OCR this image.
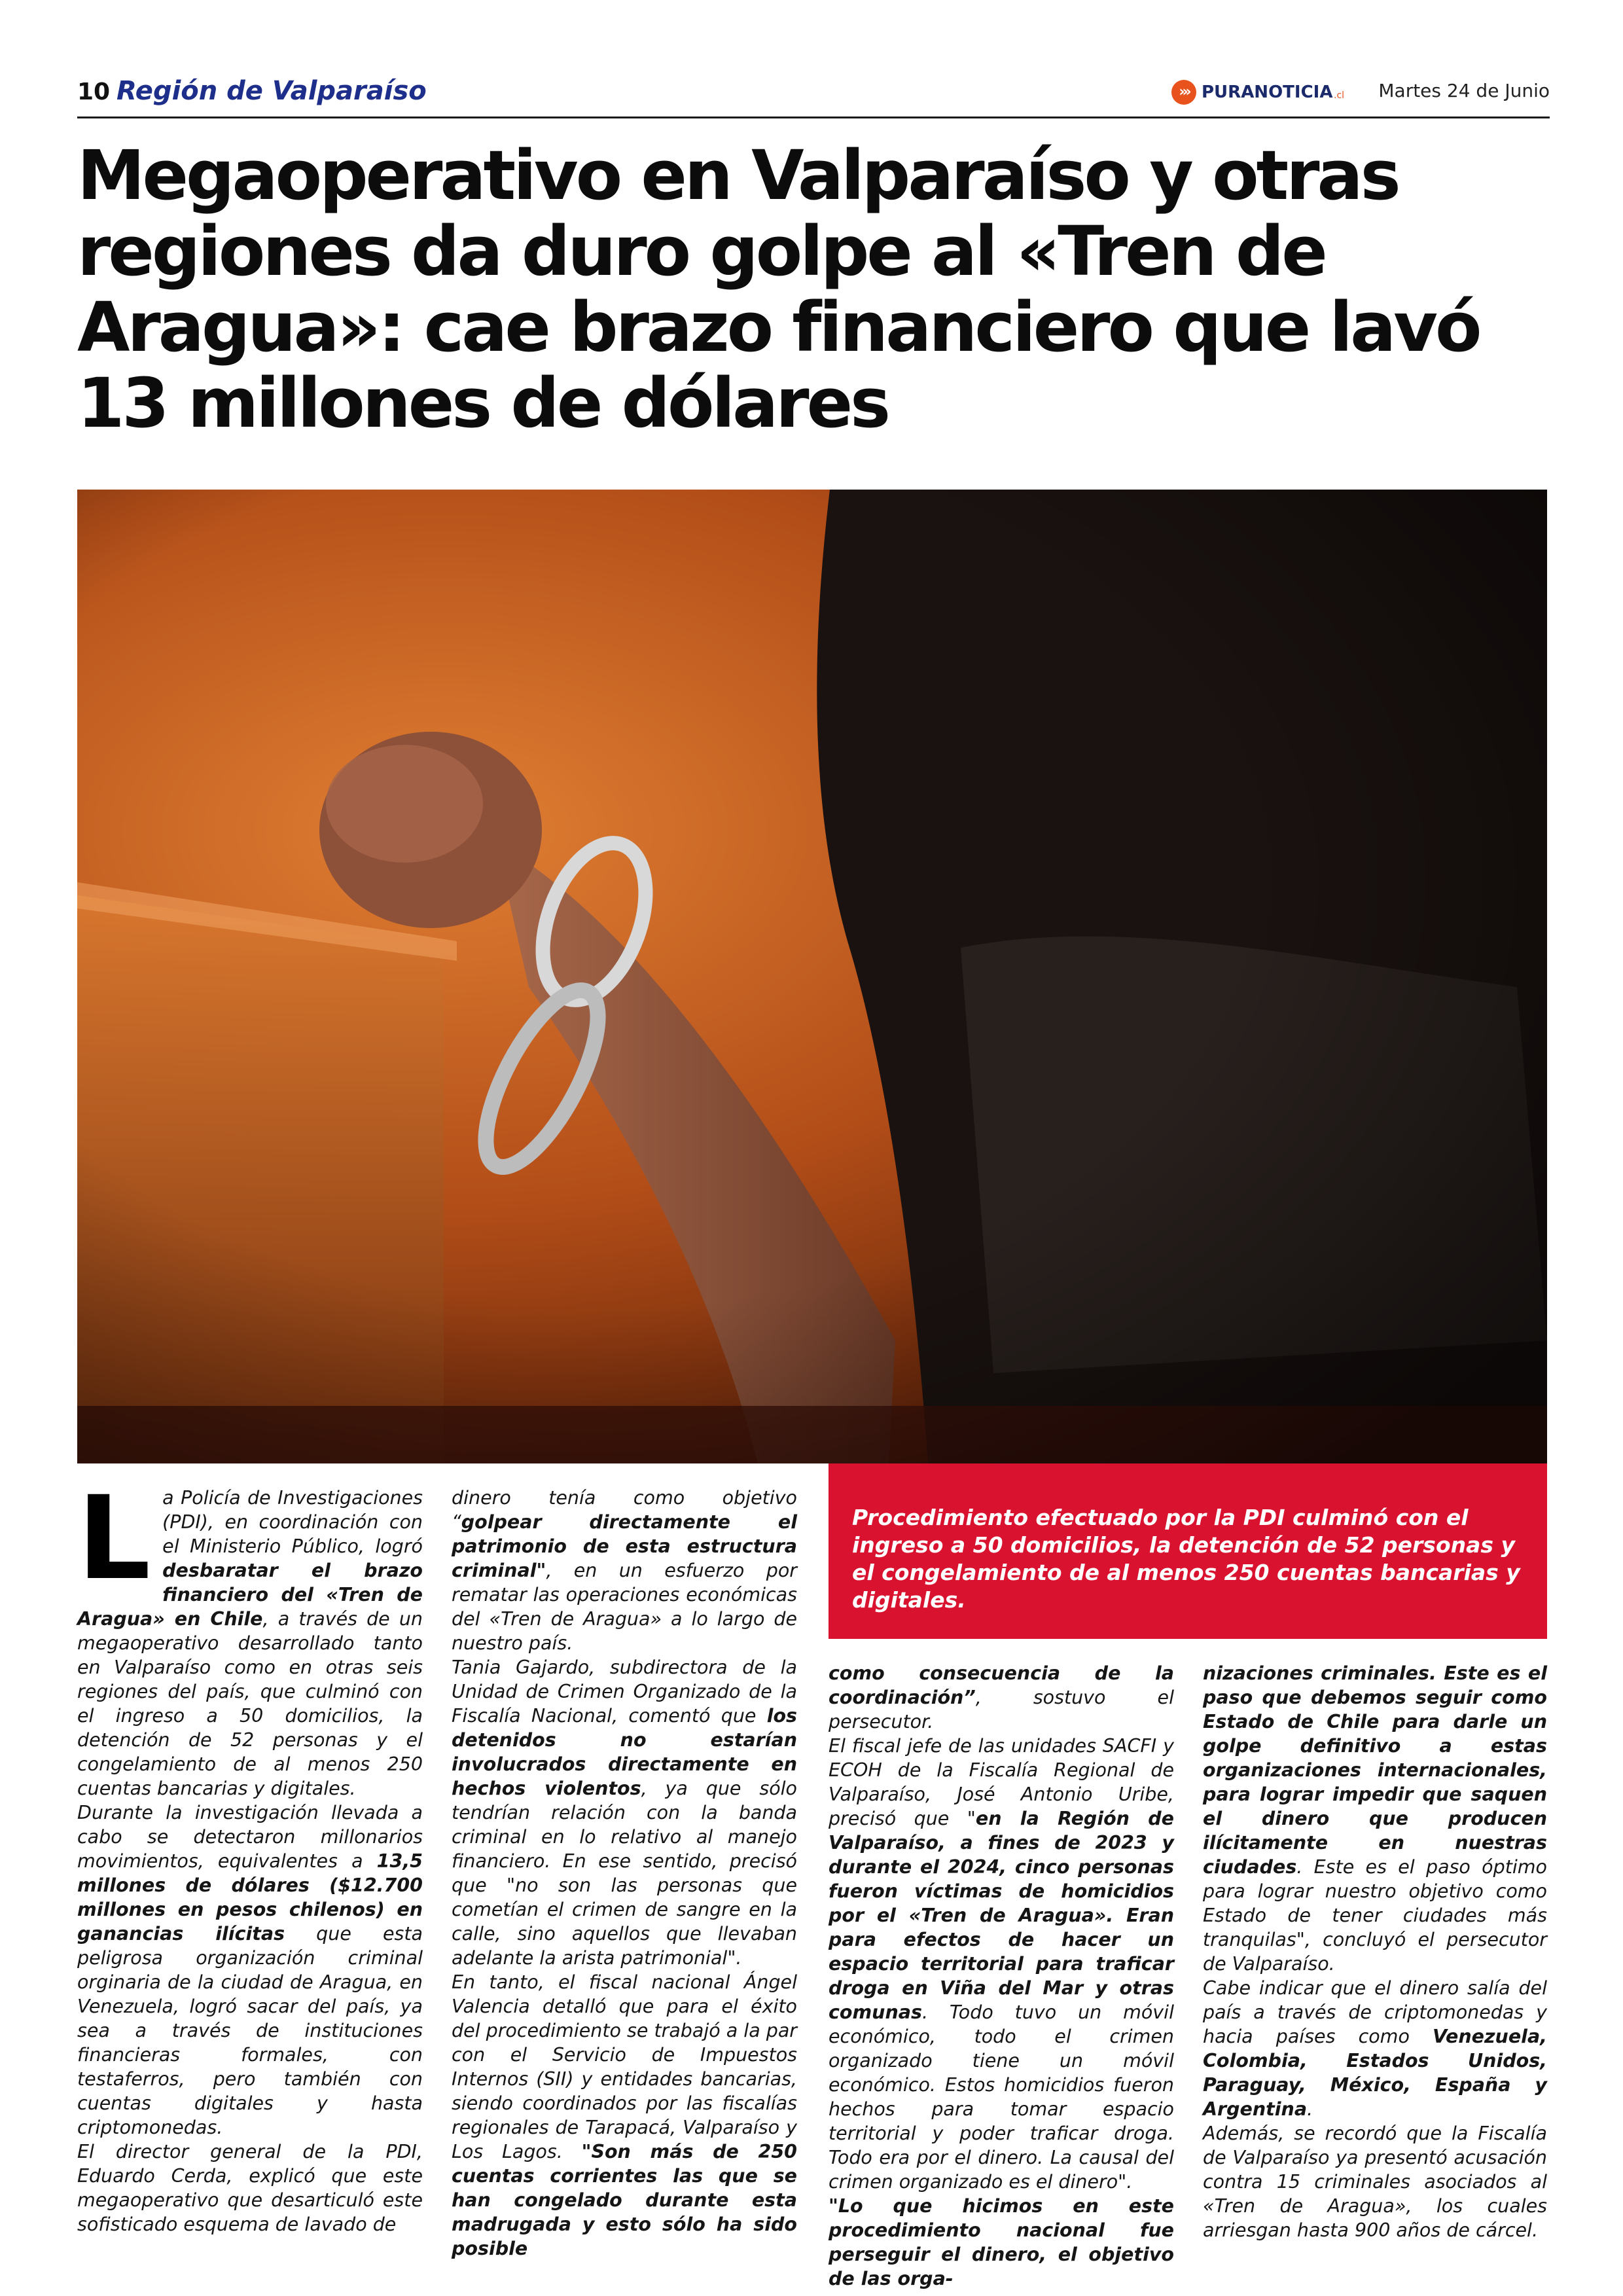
10 Región de Valparaíso	››› PURANOTICIA .cl Martes 24 de Junio
Megaoperativo en Valparaíso y otras regiones da duro golpe al «Tren de Aragua»: cae brazo financiero que lavó 13 millones de dólares
Procedimiento efectuado por la PDI culminó con el ingreso a 50 domicilios, la detención de 52 personas y el congelamiento de al menos 250 cuentas bancarias y digitales.

La Policía de Investigaciones (PDI), en coordinación con el Ministerio Público, logró desbaratar el brazo financiero del «Tren de Aragua» en Chile, a través de un megaoperativo desarrollado tanto en Valparaíso como en otras seis regiones del país, que culminó con el ingreso a 50 domicilios, la detención de 52 personas y el congelamiento de al menos 250 cuentas bancarias y digitales.

Durante la investigación llevada a cabo se detectaron millonarios movimientos, equivalentes a 13,5 millones de dólares ($12.700 millones en pesos chilenos) en ganancias ilícitas que esta peligrosa organización criminal orginaria de la ciudad de Aragua, en Venezuela, logró sacar del país, ya sea a través de instituciones financieras formales, con testaferros, pero también con cuentas digitales y hasta criptomonedas.

El director general de la PDI, Eduardo Cerda, explicó que este megaoperativo que desarticuló este sofisticado esquema de lavado de

dinero tenía como objetivo “golpear directamente el patrimonio de esta estructura criminal", en un esfuerzo por rematar las operaciones económicas del «Tren de Aragua» a lo largo de nuestro país.

Tania Gajardo, subdirectora de la Unidad de Crimen Organizado de la Fiscalía Nacional, comentó que los detenidos no estarían involucrados directamente en hechos violentos, ya que sólo tendrían relación con la banda criminal en lo relativo al manejo financiero. En ese sentido, precisó que "no son las personas que cometían el crimen de sangre en la calle, sino aquellos que llevaban adelante la arista patrimonial".

En tanto, el fiscal nacional Ángel Valencia detalló que para el éxito del procedimiento se trabajó a la par con el Servicio de Impuestos Internos (SII) y entidades bancarias, siendo coordinados por las fiscalías regionales de Tarapacá, Valparaíso y Los Lagos. "Son más de 250 cuentas corrientes las que se han congelado durante esta madrugada y esto sólo ha sido posible

como consecuencia de la coordinación”, sostuvo el persecutor.

El fiscal jefe de las unidades SACFI y ECOH de la Fiscalía Regional de Valparaíso, José Antonio Uribe, precisó que "en la Región de Valparaíso, a fines de 2023 y durante el 2024, cinco personas fueron víctimas de homicidios por el «Tren de Aragua». Eran para efectos de hacer un espacio territorial para traficar droga en Viña del Mar y otras comunas. Todo tuvo un móvil económico, todo el crimen organizado tiene un móvil económico. Estos homicidios fueron hechos para tomar espacio territorial y poder traficar droga. Todo era por el dinero. La causal del crimen organizado es el dinero".

"Lo que hicimos en este procedimiento nacional fue perseguir el dinero, el objetivo de las orga-

nizaciones criminales. Este es el paso que debemos seguir como Estado de Chile para darle un golpe definitivo a estas organizaciones internacionales, para lograr impedir que saquen el dinero que producen ilícitamente en nuestras ciudades. Este es el paso óptimo para lograr nuestro objetivo como Estado de tener ciudades más tranquilas", concluyó el persecutor de Valparaíso.

Cabe indicar que el dinero salía del país a través de criptomonedas y hacia países como Venezuela, Colombia, Estados Unidos, Paraguay, México, España y Argentina.

Además, se recordó que la Fiscalía de Valparaíso ya presentó acusación contra 15 criminales asociados al «Tren de Aragua», los cuales arriesgan hasta 900 años de cárcel.
